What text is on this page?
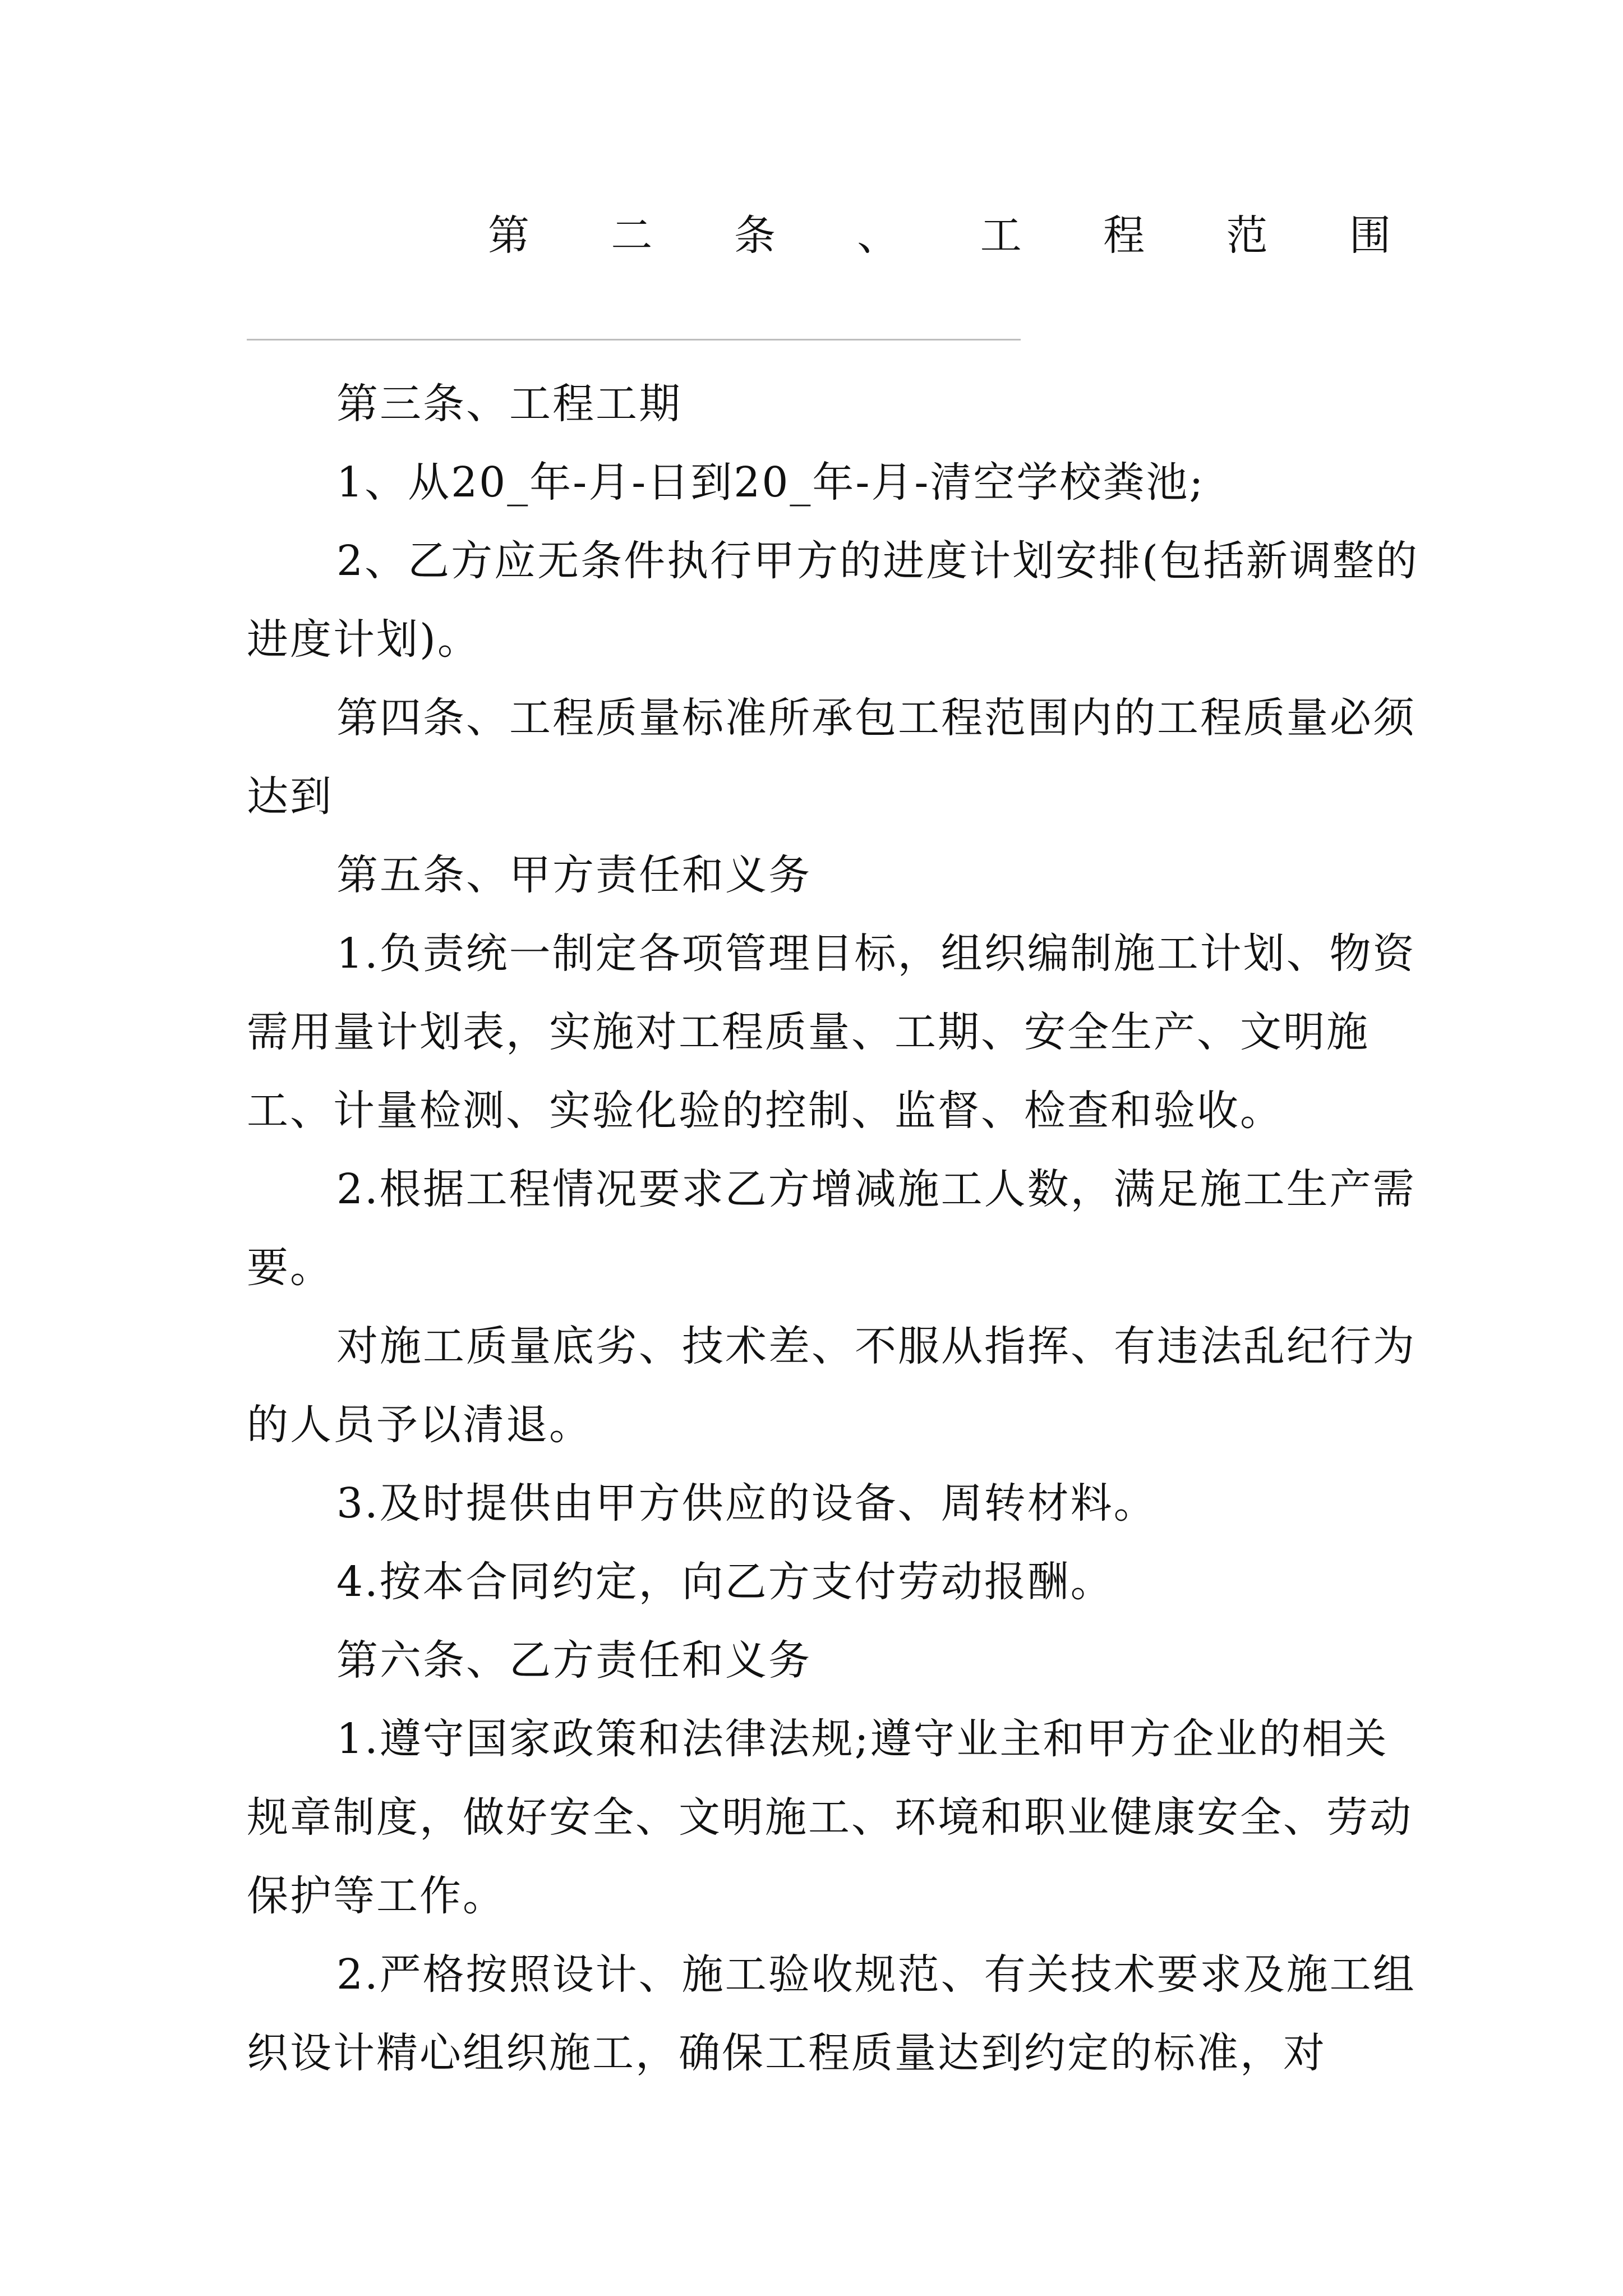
第 二 条 、 工 程 范 围

第三条、工程工期

1、从20_年-月-日到20_年-月-清空学校粪池;

2、乙方应无条件执行甲方的进度计划安排(包括新调整的进度计划)。

第四条、工程质量标准所承包工程范围内的工程质量必须达到

第五条、甲方责任和义务

1.负责统一制定各项管理目标，组织编制施工计划、物资需用量计划表，实施对工程质量、工期、安全生产、文明施工、计量检测、实验化验的控制、监督、检查和验收。

2.根据工程情况要求乙方增减施工人数，满足施工生产需要。

对施工质量底劣、技术差、不服从指挥、有违法乱纪行为的人员予以清退。

3.及时提供由甲方供应的设备、周转材料。

4.按本合同约定，向乙方支付劳动报酬。

第六条、乙方责任和义务

1.遵守国家政策和法律法规;遵守业主和甲方企业的相关规章制度，做好安全、文明施工、环境和职业健康安全、劳动保护等工作。

2.严格按照设计、施工验收规范、有关技术要求及施工组织设计精心组织施工，确保工程质量达到约定的标准，对
